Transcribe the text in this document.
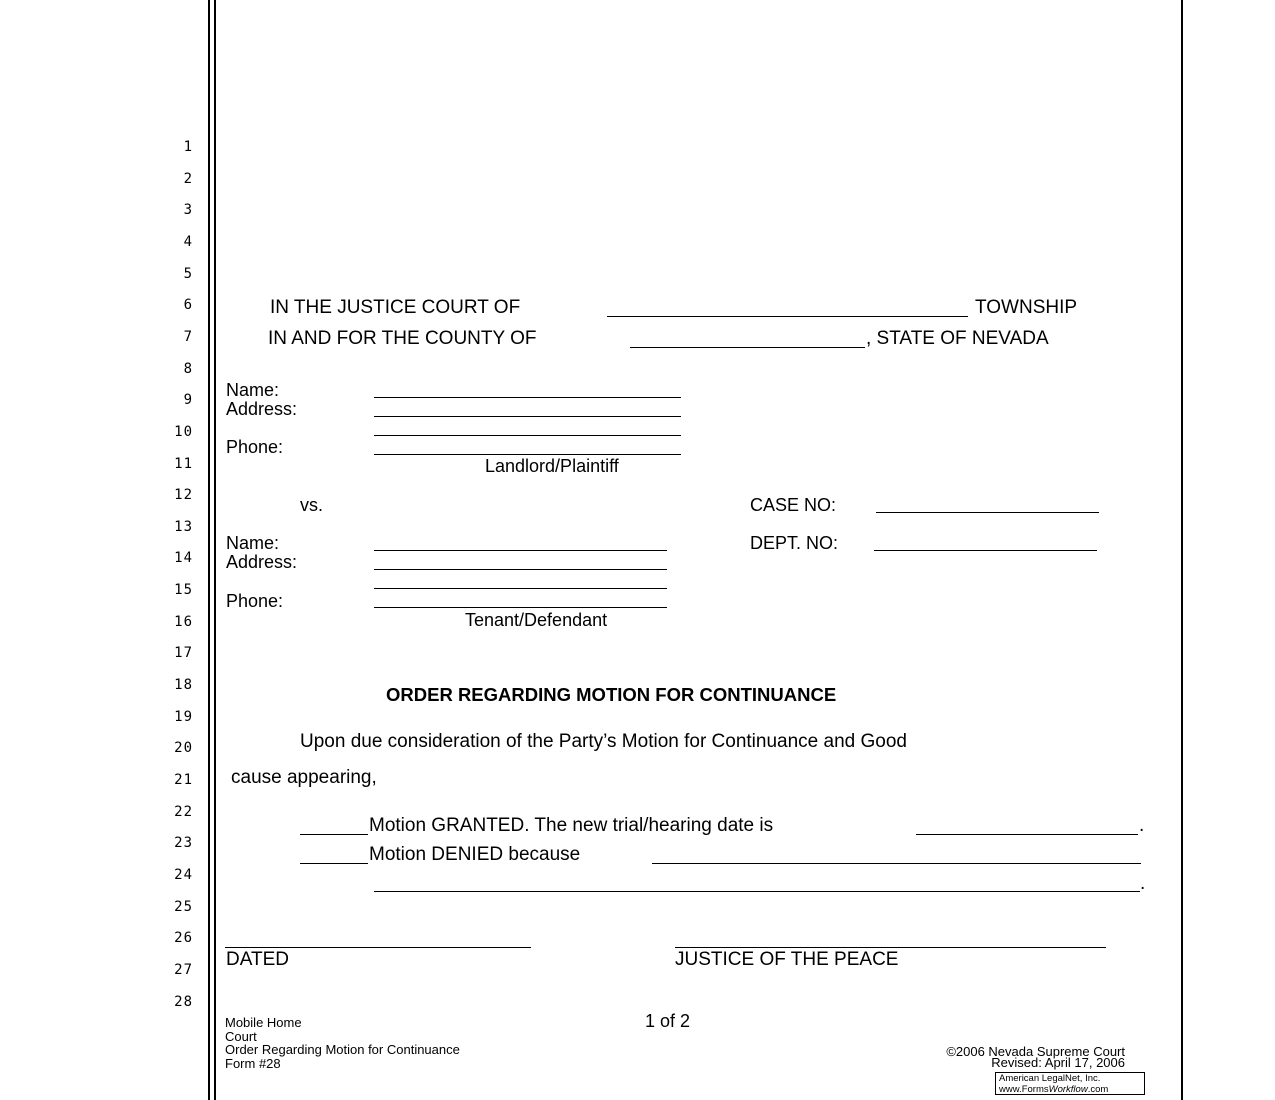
1
2
3
4
5
6
7
8
9
10
11
12
13
14
15
16
17
18
19
20
21
22
23
24
25
26
27
28
IN THE JUSTICE COURT OF	TOWNSHIP
IN AND FOR THE COUNTY OF	, STATE OF NEVADA
Name:
Address:
Phone:
Landlord/Plaintiff
vs.	CASE NO:
DEPT. NO:
Name:
Address:
Phone:
Tenant/Defendant
ORDER REGARDING MOTION FOR CONTINUANCE
Upon due consideration of the Party’s Motion for Continuance and Good
cause appearing,
Motion GRANTED. The new trial/hearing date is	.
Motion DENIED because
.
DATED	JUSTICE OF THE PEACE
Mobile Home
Court
Order Regarding Motion for Continuance
Form #28
1 of 2
©2006 Nevada Supreme Court
Revised: April 17, 2006
American LegalNet, Inc.
www.FormsWorkflow.com
